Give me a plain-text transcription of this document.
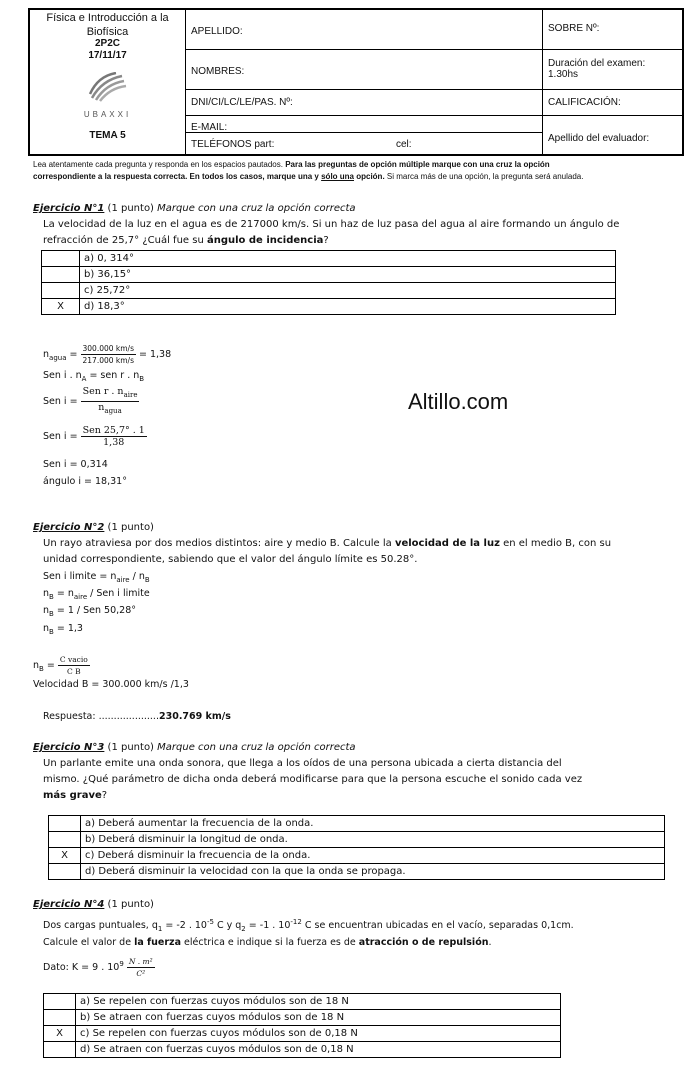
Física e Introducción a la
Biofísica
2P2C
17/11/17
UBAXXI
TEMA 5
APELLIDO:
NOMBRES:
DNI/CI/LC/LE/PAS. Nº:
E-MAIL:
TELÉFONOS part:	cel:
SOBRE Nº:
Duración del examen:
1.30hs
CALIFICACIÓN:
Apellido del evaluador:
Lea atentamente cada pregunta y responda en los espacios pautados. Para las preguntas de opción múltiple marque con una cruz la opción
correspondiente a la respuesta correcta. En todos los casos, marque una y sólo una opción. Si marca más de una opción, la pregunta será anulada.
Ejercicio N°1 (1 punto) Marque con una cruz la opción correcta
La velocidad de la luz en el agua es de 217000 km/s. Si un haz de luz pasa del agua al aire formando un ángulo de
refracción de 25,7° ¿Cuál fue su ángulo de incidencia?
	a) 0, 314°
	b) 36,15°
	c) 25,72°
X	d) 18,3°
$n_{agua} = \frac{300.000 km/s}{217.000 km/s} = 1,38$
Sen i . $n_A$ = sen r . $n_B$
Sen $i = \frac{Sen r . n_{aire}}{n_{agua}}$
Sen $i = \frac{\text{Sen 25,7° . 1}}{1,38}$
Sen i = 0,314
ángulo i = 18,31°
Altillo.com
Ejercicio N°2 (1 punto)
Un rayo atraviesa por dos medios distintos: aire y medio B. Calcule la velocidad de la luz en el medio B, con su
unidad correspondiente, sabiendo que el valor del ángulo límite es 50.28°.
Sen i limite = $n_{aire} / n_B$
$n_B = n_{aire}$ / Sen i limite
$n_B = 1$ / Sen 50,28°
$n_B = 1,3$
$n_B = \frac{\text{C vacio}}{\text{C B}}$
Velocidad B = 300.000 km/s /1,3
Respuesta: ....................230.769 km/s
Ejercicio N°3 (1 punto) Marque con una cruz la opción correcta
Un parlante emite una onda sonora, que llega a los oídos de una persona ubicada a cierta distancia del
mismo. ¿Qué parámetro de dicha onda deberá modificarse para que la persona escuche el sonido cada vez
más grave?
	a) Deberá aumentar la frecuencia de la onda.
	b) Deberá disminuir la longitud de onda.
X	c) Deberá disminuir la frecuencia de la onda.
	d) Deberá disminuir la velocidad con la que la onda se propaga.
Ejercicio N°4 (1 punto)
Dos cargas puntuales, $q_1 = -2$ . $10^{-5}$ C y $q_2 = -1$ . $10^{-12}$ C se encuentran ubicadas en el vacío, separadas 0,1cm.
Calcule el valor de la fuerza eléctrica e indique si la fuerza es de atracción o de repulsión.
Dato: K = 9 . $10^9 \frac{\text{N . m²}}{\text{C²}}$
	a) Se repelen con fuerzas cuyos módulos son de 18 N
	b) Se atraen con fuerzas cuyos módulos son de 18 N
X	c) Se repelen con fuerzas cuyos módulos son de 0,18 N
	d) Se atraen con fuerzas cuyos módulos son de 0,18 N
